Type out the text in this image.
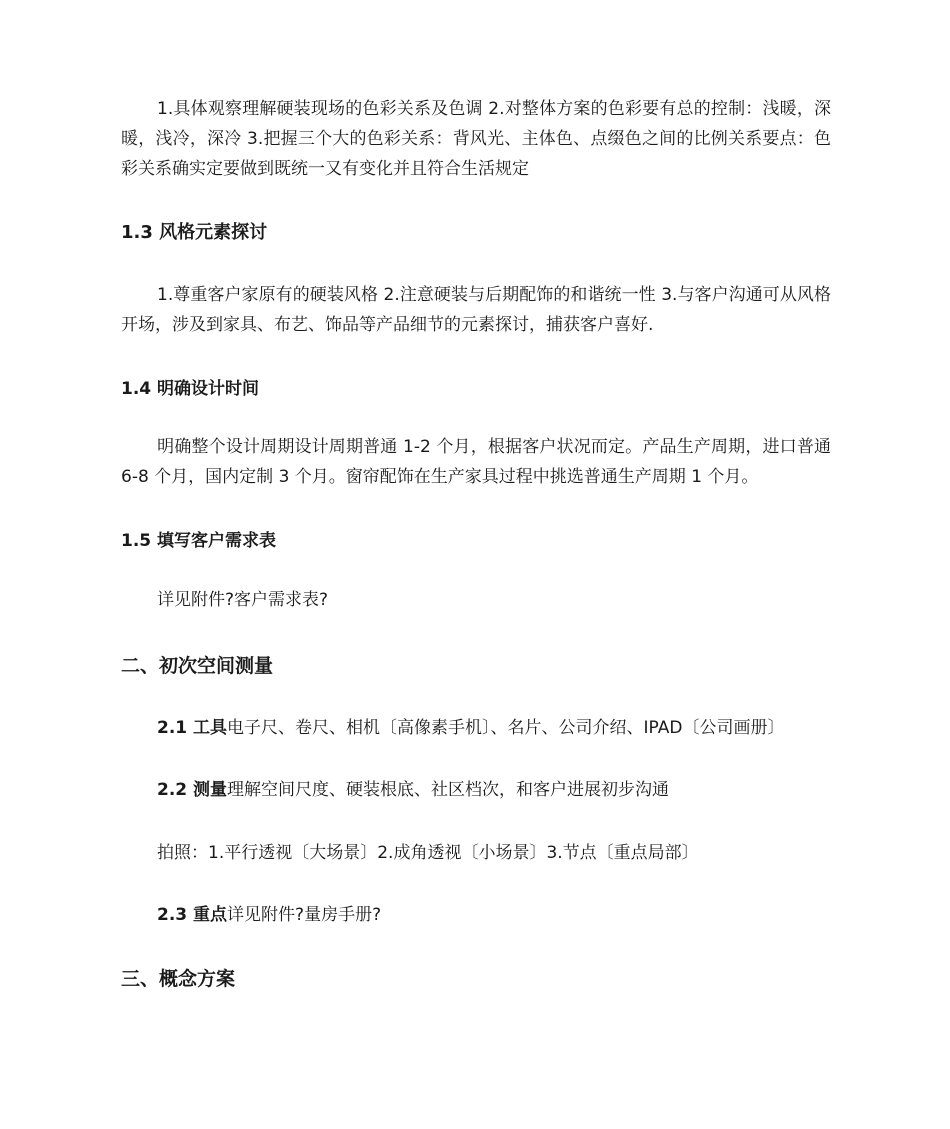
1.具体观察理解硬装现场的色彩关系及色调 2.对整体方案的色彩要有总的控制：浅暖，深暖，浅冷，深冷 3.把握三个大的色彩关系：背风光、主体色、点缀色之间的比例关系要点：色彩关系确实定要做到既统一又有变化并且符合生活规定

1.3 风格元素探讨

1.尊重客户家原有的硬装风格 2.注意硬装与后期配饰的和谐统一性 3.与客户沟通可从风格开场，涉及到家具、布艺、饰品等产品细节的元素探讨，捕获客户喜好.

1.4 明确设计时间

明确整个设计周期设计周期普通 1-2 个月，根据客户状况而定。产品生产周期，进口普通 6-8 个月，国内定制 3 个月。窗帘配饰在生产家具过程中挑选普通生产周期 1 个月。

1.5 填写客户需求表

详见附件?客户需求表?

二、初次空间测量

2.1 工具电子尺、卷尺、相机〔高像素手机〕、名片、公司介绍、IPAD〔公司画册〕

2.2 测量理解空间尺度、硬装根底、社区档次，和客户进展初步沟通

拍照：1.平行透视〔大场景〕2.成角透视〔小场景〕3.节点〔重点局部〕

2.3 重点详见附件?量房手册?

三、概念方案
